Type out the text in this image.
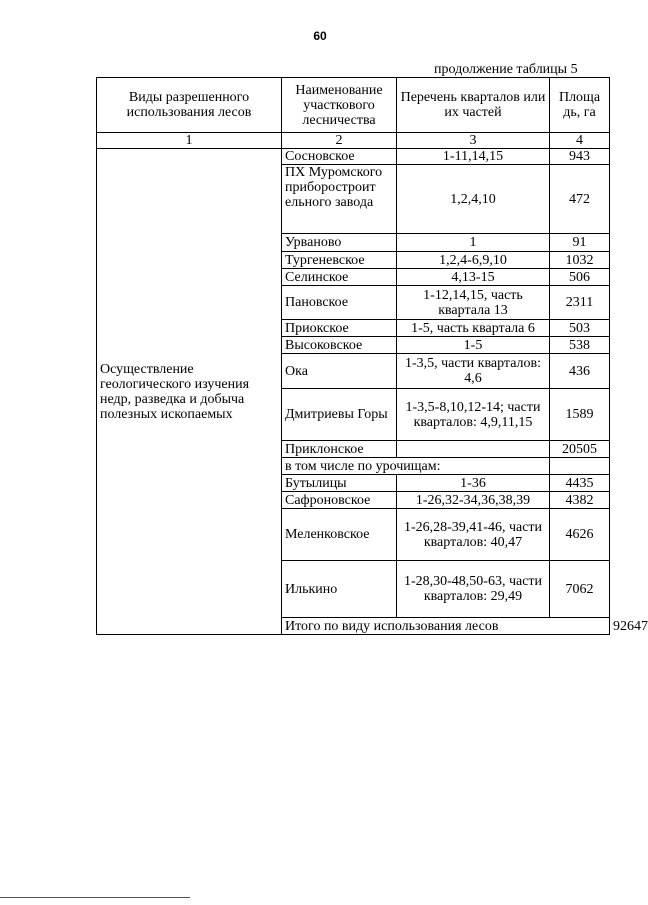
60
продолжение таблицы 5
Виды разрешенного использования лесов	Наименование участкового лесничества	Перечень кварталов или их частей	Площа дь, га	
1	2	3	4	
Осуществление геологического изучения недр, разведка и добыча полезных ископаемых	Сосновское	1-11,14,15	943	
	ПХ Муромского приборостроит ельного завода	1,2,4,10	472	
	Урваново	1	91	
	Тургеневское	1,2,4-6,9,10	1032	
	Селинское	4,13-15	506	
	Пановское	1-12,14,15, часть квартала 13	2311	
	Приокское	1-5, часть квартала 6	503	
	Высоковское	1-5	538	
	Ока	1-3,5, части кварталов: 4,6	436	
	Дмитриевы Горы	1-3,5-8,10,12-14; части кварталов: 4,9,11,15	1589	
	Приклонское		20505	
	в том числе по урочищам:			
	Бутылицы	1-36	4435	
	Сафроновское	1-26,32-34,36,38,39	4382	
	Меленковское	1-26,28-39,41-46, части кварталов: 40,47	4626	
	Илькино	1-28,30-48,50-63, части кварталов: 29,49	7062	
	Итого по виду использования лесов			92647
